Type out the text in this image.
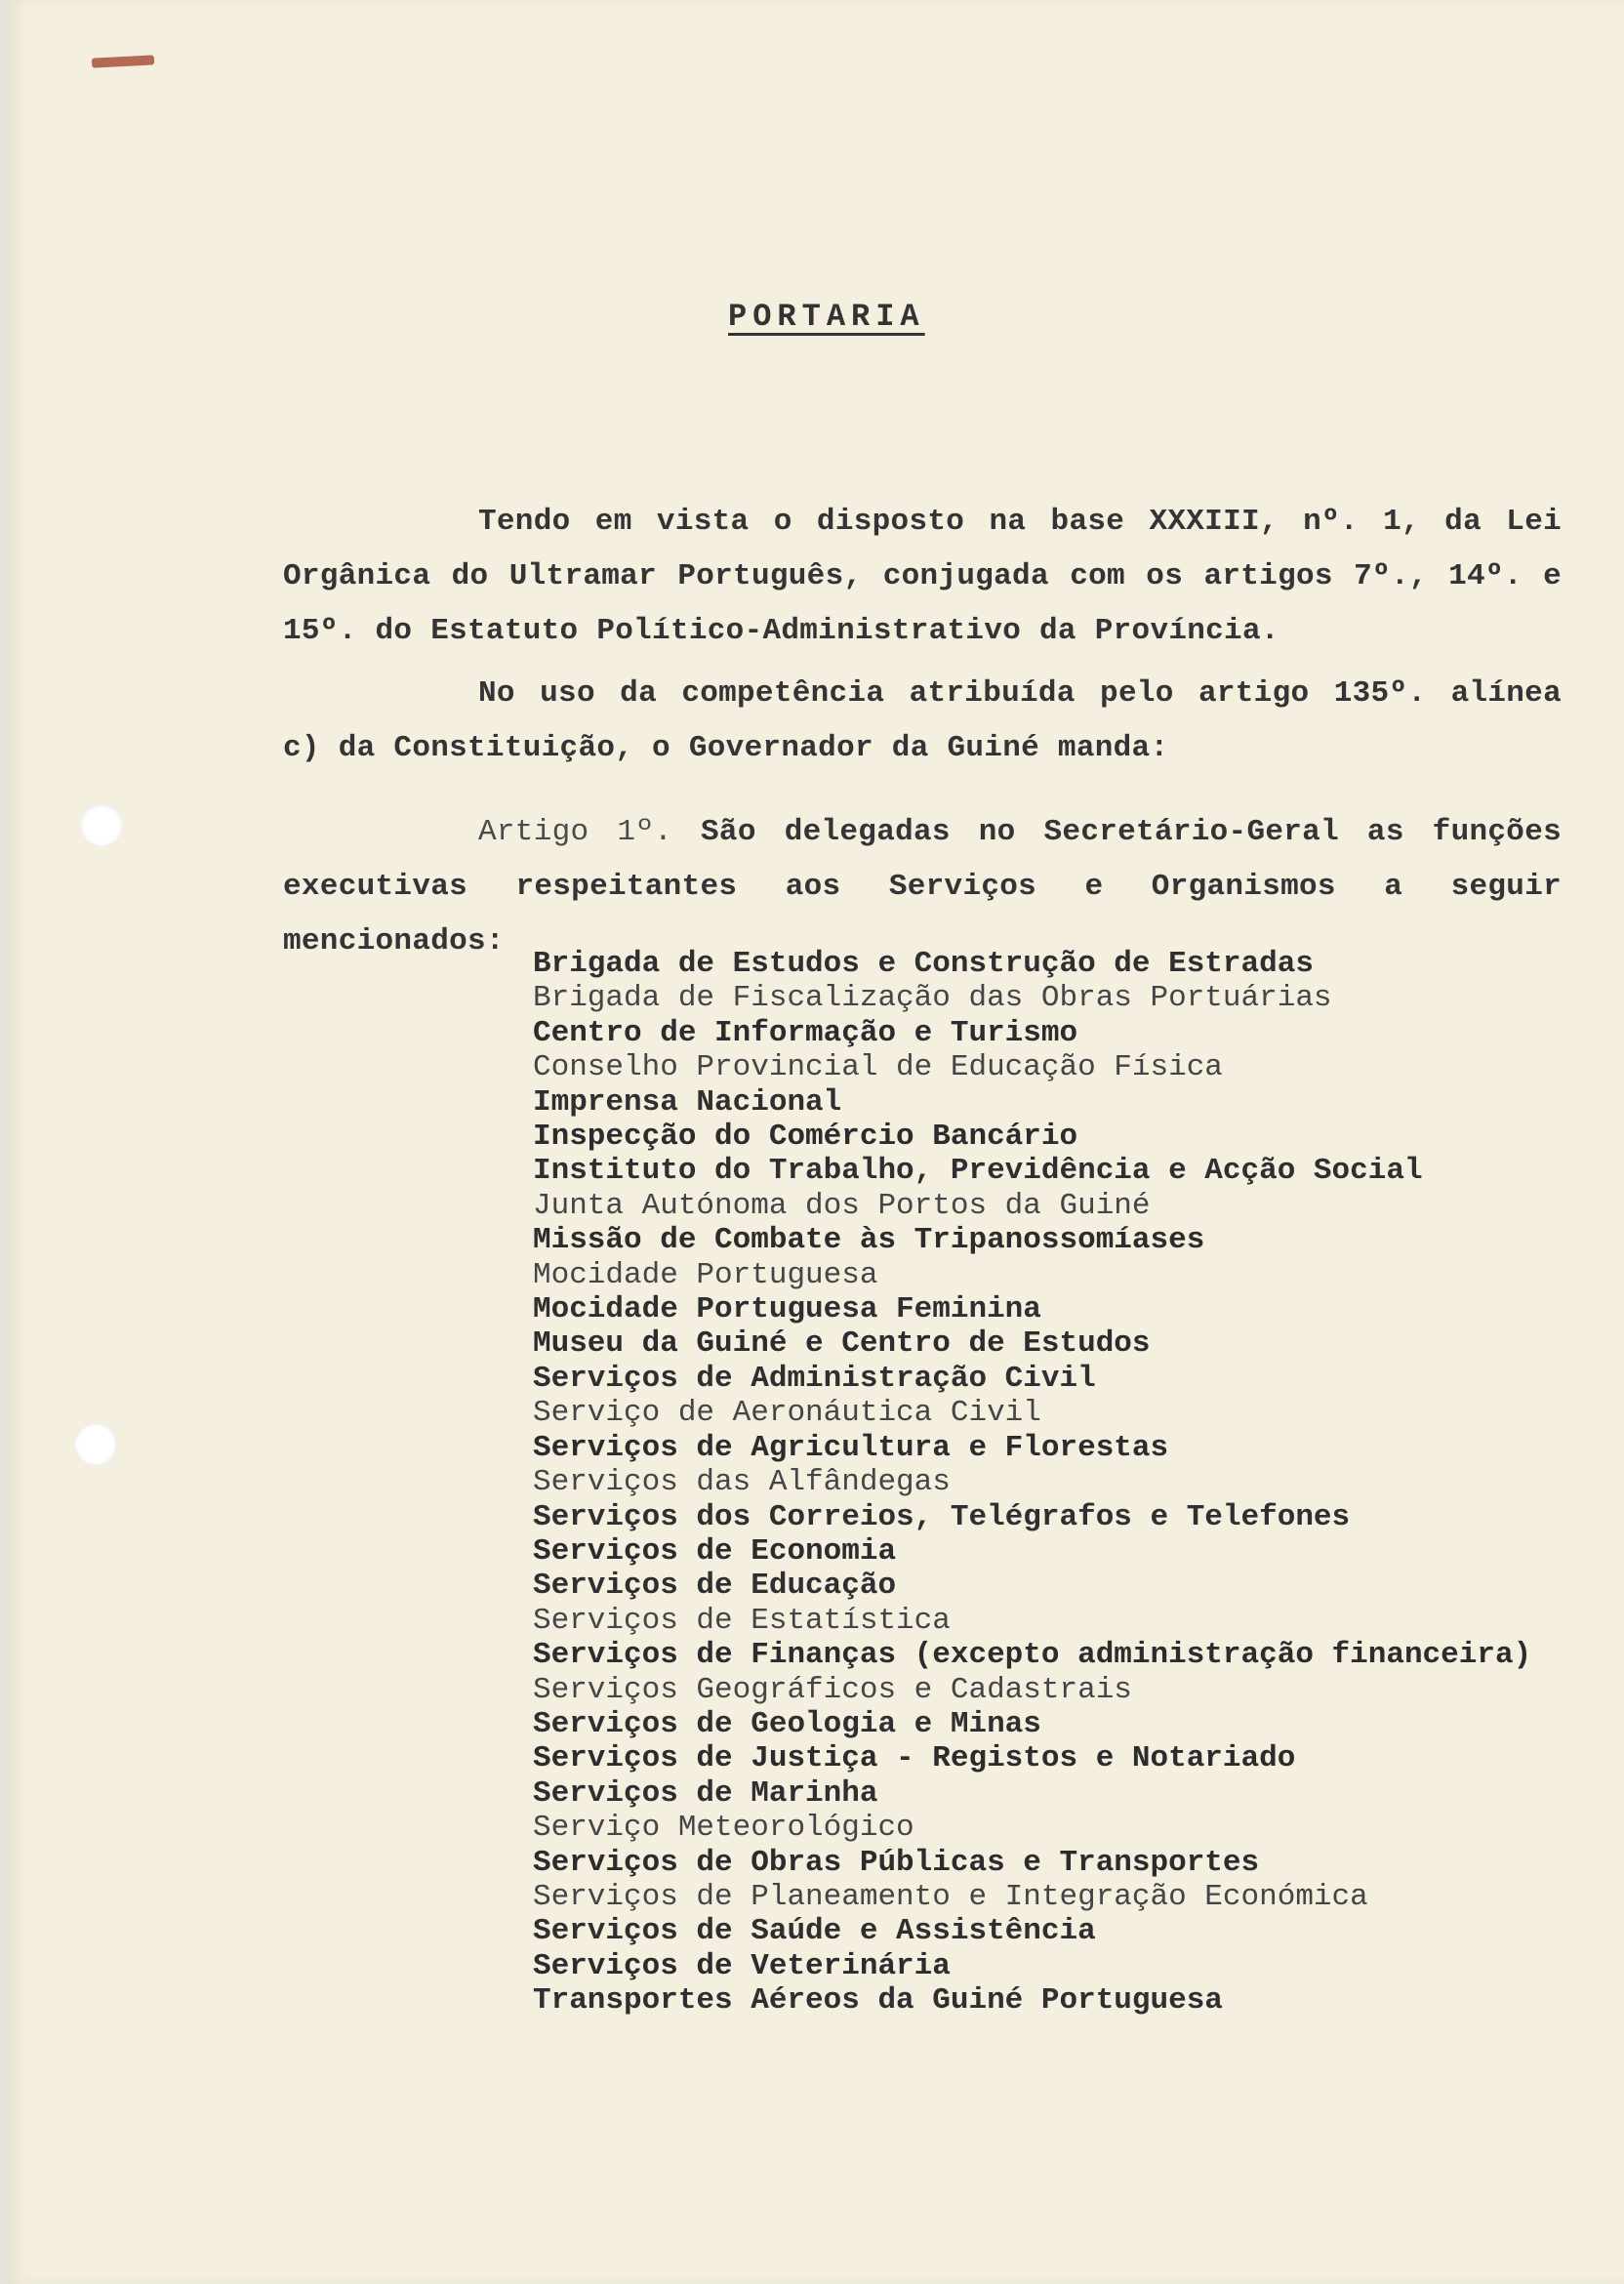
PORTARIA

Tendo em vista o disposto na base XXXIII, nº. 1, da Lei Orgânica do Ultramar Português, conjugada com os artigos 7º., 14º. e 15º. do Estatuto Político-Administrativo da Província.

No uso da competência atribuída pelo artigo 135º. alínea c) da Constituição, o Governador da Guiné manda:

Artigo 1º. São delegadas no Secretário-Geral as funções executivas respeitantes aos Serviços e Organismos a seguir mencionados:

Brigada de Estudos e Construção de Estradas
Brigada de Fiscalização das Obras Portuárias
Centro de Informação e Turismo
Conselho Provincial de Educação Física
Imprensa Nacional
Inspecção do Comércio Bancário
Instituto do Trabalho, Previdência e Acção Social
Junta Autónoma dos Portos da Guiné
Missão de Combate às Tripanossomíases
Mocidade Portuguesa
Mocidade Portuguesa Feminina
Museu da Guiné e Centro de Estudos
Serviços de Administração Civil
Serviço de Aeronáutica Civil
Serviços de Agricultura e Florestas
Serviços das Alfândegas
Serviços dos Correios, Telégrafos e Telefones
Serviços de Economia
Serviços de Educação
Serviços de Estatística
Serviços de Finanças (excepto administração financeira)
Serviços Geográficos e Cadastrais
Serviços de Geologia e Minas
Serviços de Justiça - Registos e Notariado
Serviços de Marinha
Serviço Meteorológico
Serviços de Obras Públicas e Transportes
Serviços de Planeamento e Integração Económica
Serviços de Saúde e Assistência
Serviços de Veterinária
Transportes Aéreos da Guiné Portuguesa
